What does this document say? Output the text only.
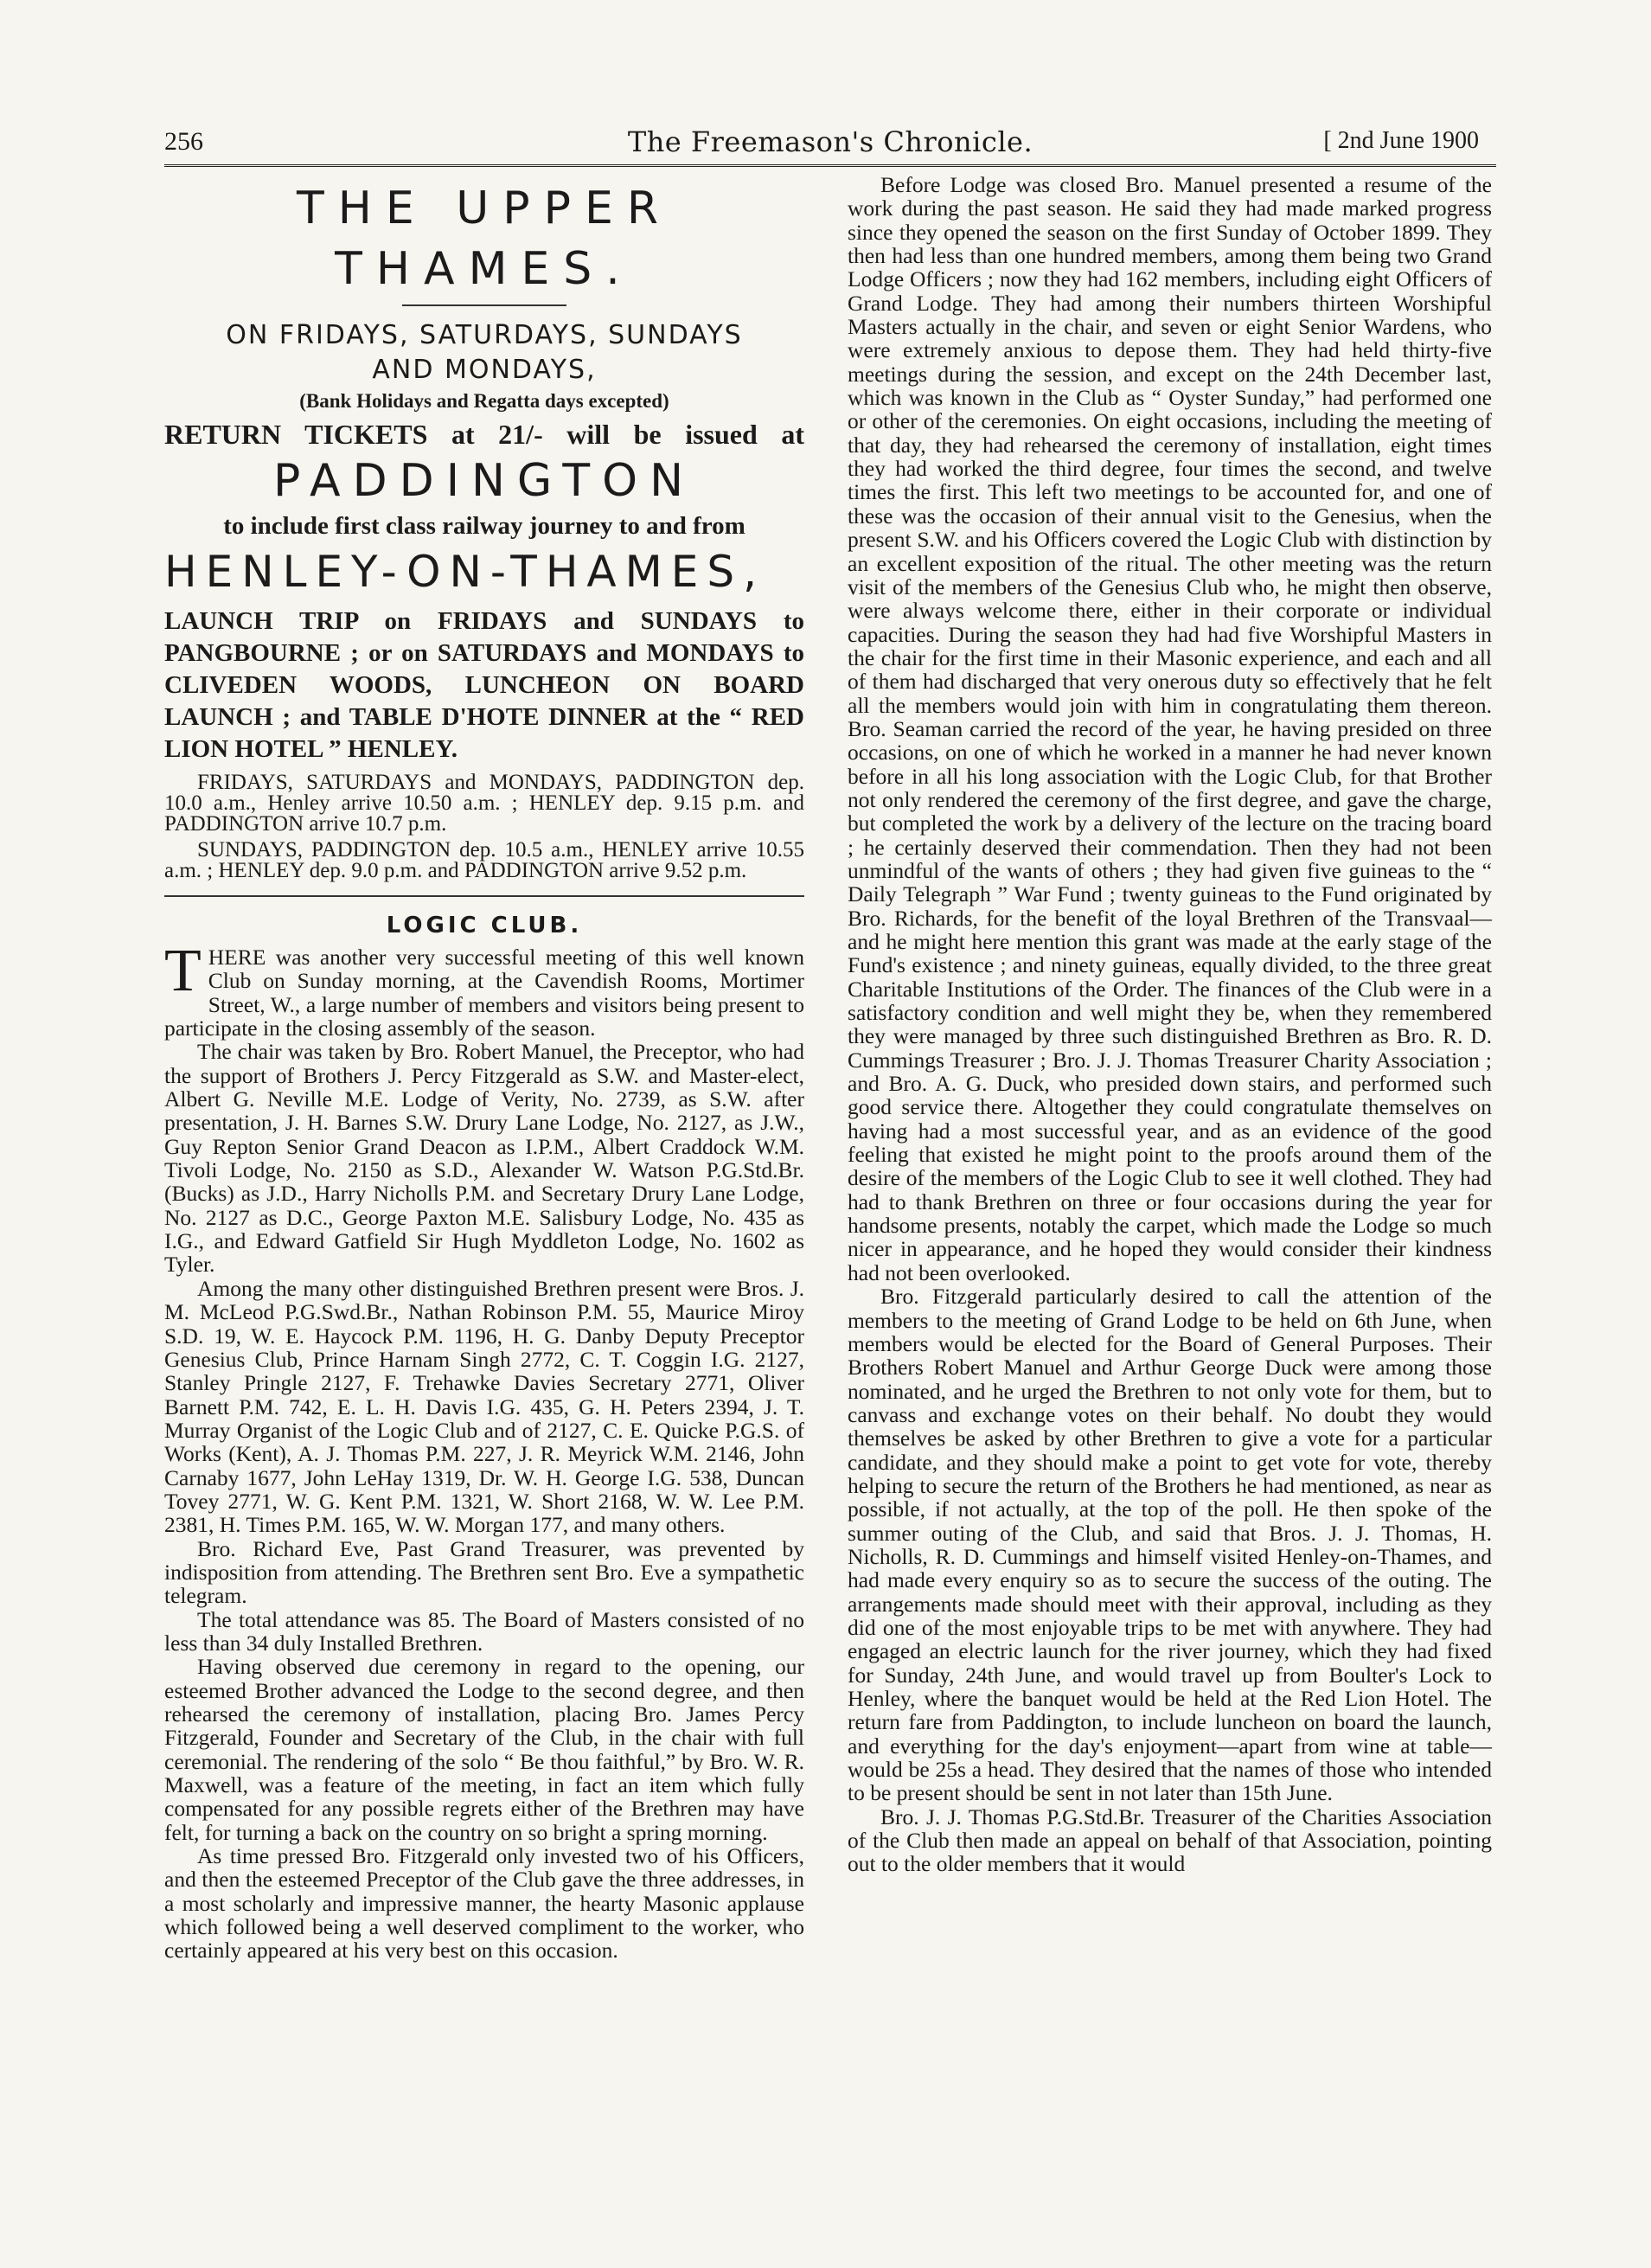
256	The Freemason's Chronicle.	[ 2nd June 1900
THE UPPER THAMES.
ON FRIDAYS, SATURDAYS, SUNDAYS
AND MONDAYS,
(Bank Holidays and Regatta days excepted)
RETURN TICKETS at 21/- will be issued at
PADDINGTON
to include first class railway journey to and from
HENLEY-ON-THAMES,
LAUNCH TRIP on FRIDAYS and SUNDAYS to PANGBOURNE ; or on SATURDAYS and MONDAYS to CLIVEDEN WOODS, LUNCHEON ON BOARD LAUNCH ; and TABLE D'HOTE DINNER at the “ RED LION HOTEL ” HENLEY.

FRIDAYS, SATURDAYS and MONDAYS, PADDINGTON dep. 10.0 a.m., Henley arrive 10.50 a.m. ; HENLEY dep. 9.15 p.m. and PADDINGTON arrive 10.7 p.m.

SUNDAYS, PADDINGTON dep. 10.5 a.m., HENLEY arrive 10.55 a.m. ; HENLEY dep. 9.0 p.m. and PADDINGTON arrive 9.52 p.m.

LOGIC CLUB.

THERE was another very successful meeting of this well known Club on Sunday morning, at the Cavendish Rooms, Mortimer Street, W., a large number of members and visitors being present to participate in the closing assembly of the season.

The chair was taken by Bro. Robert Manuel, the Preceptor, who had the support of Brothers J. Percy Fitzgerald as S.W. and Master-elect, Albert G. Neville M.E. Lodge of Verity, No. 2739, as S.W. after presentation, J. H. Barnes S.W. Drury Lane Lodge, No. 2127, as J.W., Guy Repton Senior Grand Deacon as I.P.M., Albert Craddock W.M. Tivoli Lodge, No. 2150 as S.D., Alexander W. Watson P.G.Std.Br.(Bucks) as J.D., Harry Nicholls P.M. and Secretary Drury Lane Lodge, No. 2127 as D.C., George Paxton M.E. Salisbury Lodge, No. 435 as I.G., and Edward Gatfield Sir Hugh Myddleton Lodge, No. 1602 as Tyler.

Among the many other distinguished Brethren present were Bros. J. M. McLeod P.G.Swd.Br., Nathan Robinson P.M. 55, Maurice Miroy S.D. 19, W. E. Haycock P.M. 1196, H. G. Danby Deputy Preceptor Genesius Club, Prince Harnam Singh 2772, C. T. Coggin I.G. 2127, Stanley Pringle 2127, F. Trehawke Davies Secretary 2771, Oliver Barnett P.M. 742, E. L. H. Davis I.G. 435, G. H. Peters 2394, J. T. Murray Organist of the Logic Club and of 2127, C. E. Quicke P.G.S. of Works (Kent), A. J. Thomas P.M. 227, J. R. Meyrick W.M. 2146, John Carnaby 1677, John LeHay 1319, Dr. W. H. George I.G. 538, Duncan Tovey 2771, W. G. Kent P.M. 1321, W. Short 2168, W. W. Lee P.M. 2381, H. Times P.M. 165, W. W. Morgan 177, and many others.

Bro. Richard Eve, Past Grand Treasurer, was prevented by indisposition from attending. The Brethren sent Bro. Eve a sympathetic telegram.

The total attendance was 85. The Board of Masters consisted of no less than 34 duly Installed Brethren.

Having observed due ceremony in regard to the opening, our esteemed Brother advanced the Lodge to the second degree, and then rehearsed the ceremony of installation, placing Bro. James Percy Fitzgerald, Founder and Secretary of the Club, in the chair with full ceremonial. The rendering of the solo “ Be thou faithful,” by Bro. W. R. Maxwell, was a feature of the meeting, in fact an item which fully compensated for any possible regrets either of the Brethren may have felt, for turning a back on the country on so bright a spring morning.

As time pressed Bro. Fitzgerald only invested two of his Officers, and then the esteemed Preceptor of the Club gave the three addresses, in a most scholarly and impressive manner, the hearty Masonic applause which followed being a well deserved compliment to the worker, who certainly appeared at his very best on this occasion.

Before Lodge was closed Bro. Manuel presented a resume of the work during the past season. He said they had made marked progress since they opened the season on the first Sunday of October 1899. They then had less than one hundred members, among them being two Grand Lodge Officers ; now they had 162 members, including eight Officers of Grand Lodge. They had among their numbers thirteen Worshipful Masters actually in the chair, and seven or eight Senior Wardens, who were extremely anxious to depose them. They had held thirty-five meetings during the session, and except on the 24th December last, which was known in the Club as “ Oyster Sunday,” had performed one or other of the ceremonies. On eight occasions, including the meeting of that day, they had rehearsed the ceremony of installation, eight times they had worked the third degree, four times the second, and twelve times the first. This left two meetings to be accounted for, and one of these was the occasion of their annual visit to the Genesius, when the present S.W. and his Officers covered the Logic Club with distinction by an excellent exposition of the ritual. The other meeting was the return visit of the members of the Genesius Club who, he might then observe, were always welcome there, either in their corporate or individual capacities. During the season they had had five Worshipful Masters in the chair for the first time in their Masonic experience, and each and all of them had discharged that very onerous duty so effectively that he felt all the members would join with him in congratulating them thereon. Bro. Seaman carried the record of the year, he having presided on three occasions, on one of which he worked in a manner he had never known before in all his long association with the Logic Club, for that Brother not only rendered the ceremony of the first degree, and gave the charge, but completed the work by a delivery of the lecture on the tracing board ; he certainly deserved their commendation. Then they had not been unmindful of the wants of others ; they had given five guineas to the “ Daily Telegraph ” War Fund ; twenty guineas to the Fund originated by Bro. Richards, for the benefit of the loyal Brethren of the Transvaal—and he might here mention this grant was made at the early stage of the Fund's existence ; and ninety guineas, equally divided, to the three great Charitable Institutions of the Order. The finances of the Club were in a satisfactory condition and well might they be, when they remembered they were managed by three such distinguished Brethren as Bro. R. D. Cummings Treasurer ; Bro. J. J. Thomas Treasurer Charity Association ; and Bro. A. G. Duck, who presided down stairs, and performed such good service there. Altogether they could congratulate themselves on having had a most successful year, and as an evidence of the good feeling that existed he might point to the proofs around them of the desire of the members of the Logic Club to see it well clothed. They had had to thank Brethren on three or four occasions during the year for handsome presents, notably the carpet, which made the Lodge so much nicer in appearance, and he hoped they would consider their kindness had not been overlooked.

Bro. Fitzgerald particularly desired to call the attention of the members to the meeting of Grand Lodge to be held on 6th June, when members would be elected for the Board of General Purposes. Their Brothers Robert Manuel and Arthur George Duck were among those nominated, and he urged the Brethren to not only vote for them, but to canvass and exchange votes on their behalf. No doubt they would themselves be asked by other Brethren to give a vote for a particular candidate, and they should make a point to get vote for vote, thereby helping to secure the return of the Brothers he had mentioned, as near as possible, if not actually, at the top of the poll. He then spoke of the summer outing of the Club, and said that Bros. J. J. Thomas, H. Nicholls, R. D. Cummings and himself visited Henley-on-Thames, and had made every enquiry so as to secure the success of the outing. The arrangements made should meet with their approval, including as they did one of the most enjoyable trips to be met with anywhere. They had engaged an electric launch for the river journey, which they had fixed for Sunday, 24th June, and would travel up from Boulter's Lock to Henley, where the banquet would be held at the Red Lion Hotel. The return fare from Paddington, to include luncheon on board the launch, and everything for the day's enjoyment—apart from wine at table—would be 25s a head. They desired that the names of those who intended to be present should be sent in not later than 15th June.

Bro. J. J. Thomas P.G.Std.Br. Treasurer of the Charities Association of the Club then made an appeal on behalf of that Association, pointing out to the older members that it would
